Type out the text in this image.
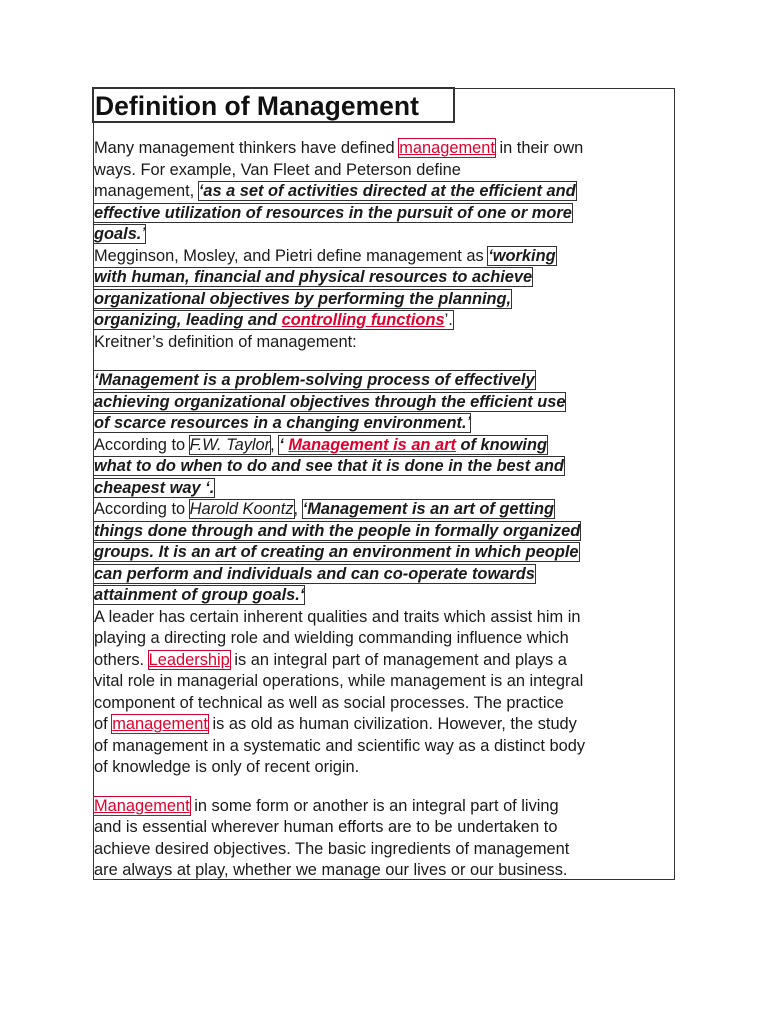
Definition of Management
Many management thinkers have defined management in their own
ways. For example, Van Fleet and Peterson define
management, ‘as a set of activities directed at the efficient and
effective utilization of resources in the pursuit of one or more
goals.’
Megginson, Mosley, and Pietri define management as ‘working
with human, financial and physical resources to achieve
organizational objectives by performing the planning,
organizing, leading and controlling functions’.
Kreitner’s definition of management:
‘Management is a problem-solving process of effectively
achieving organizational objectives through the efficient use
of scarce resources in a changing environment.’
According to F.W. Taylor, ‘ Management is an art of knowing
what to do when to do and see that it is done in the best and
cheapest way ‘.
According to Harold Koontz, ‘Management is an art of getting
things done through and with the people in formally organized
groups. It is an art of creating an environment in which people
can perform and individuals and can co-operate towards
attainment of group goals.‘
A leader has certain inherent qualities and traits which assist him in
playing a directing role and wielding commanding influence which
others. Leadership is an integral part of management and plays a
vital role in managerial operations, while management is an integral
component of technical as well as social processes. The practice
of management is as old as human civilization. However, the study
of management in a systematic and scientific way as a distinct body
of knowledge is only of recent origin.
Management in some form or another is an integral part of living
and is essential wherever human efforts are to be undertaken to
achieve desired objectives. The basic ingredients of management
are always at play, whether we manage our lives or our business.
